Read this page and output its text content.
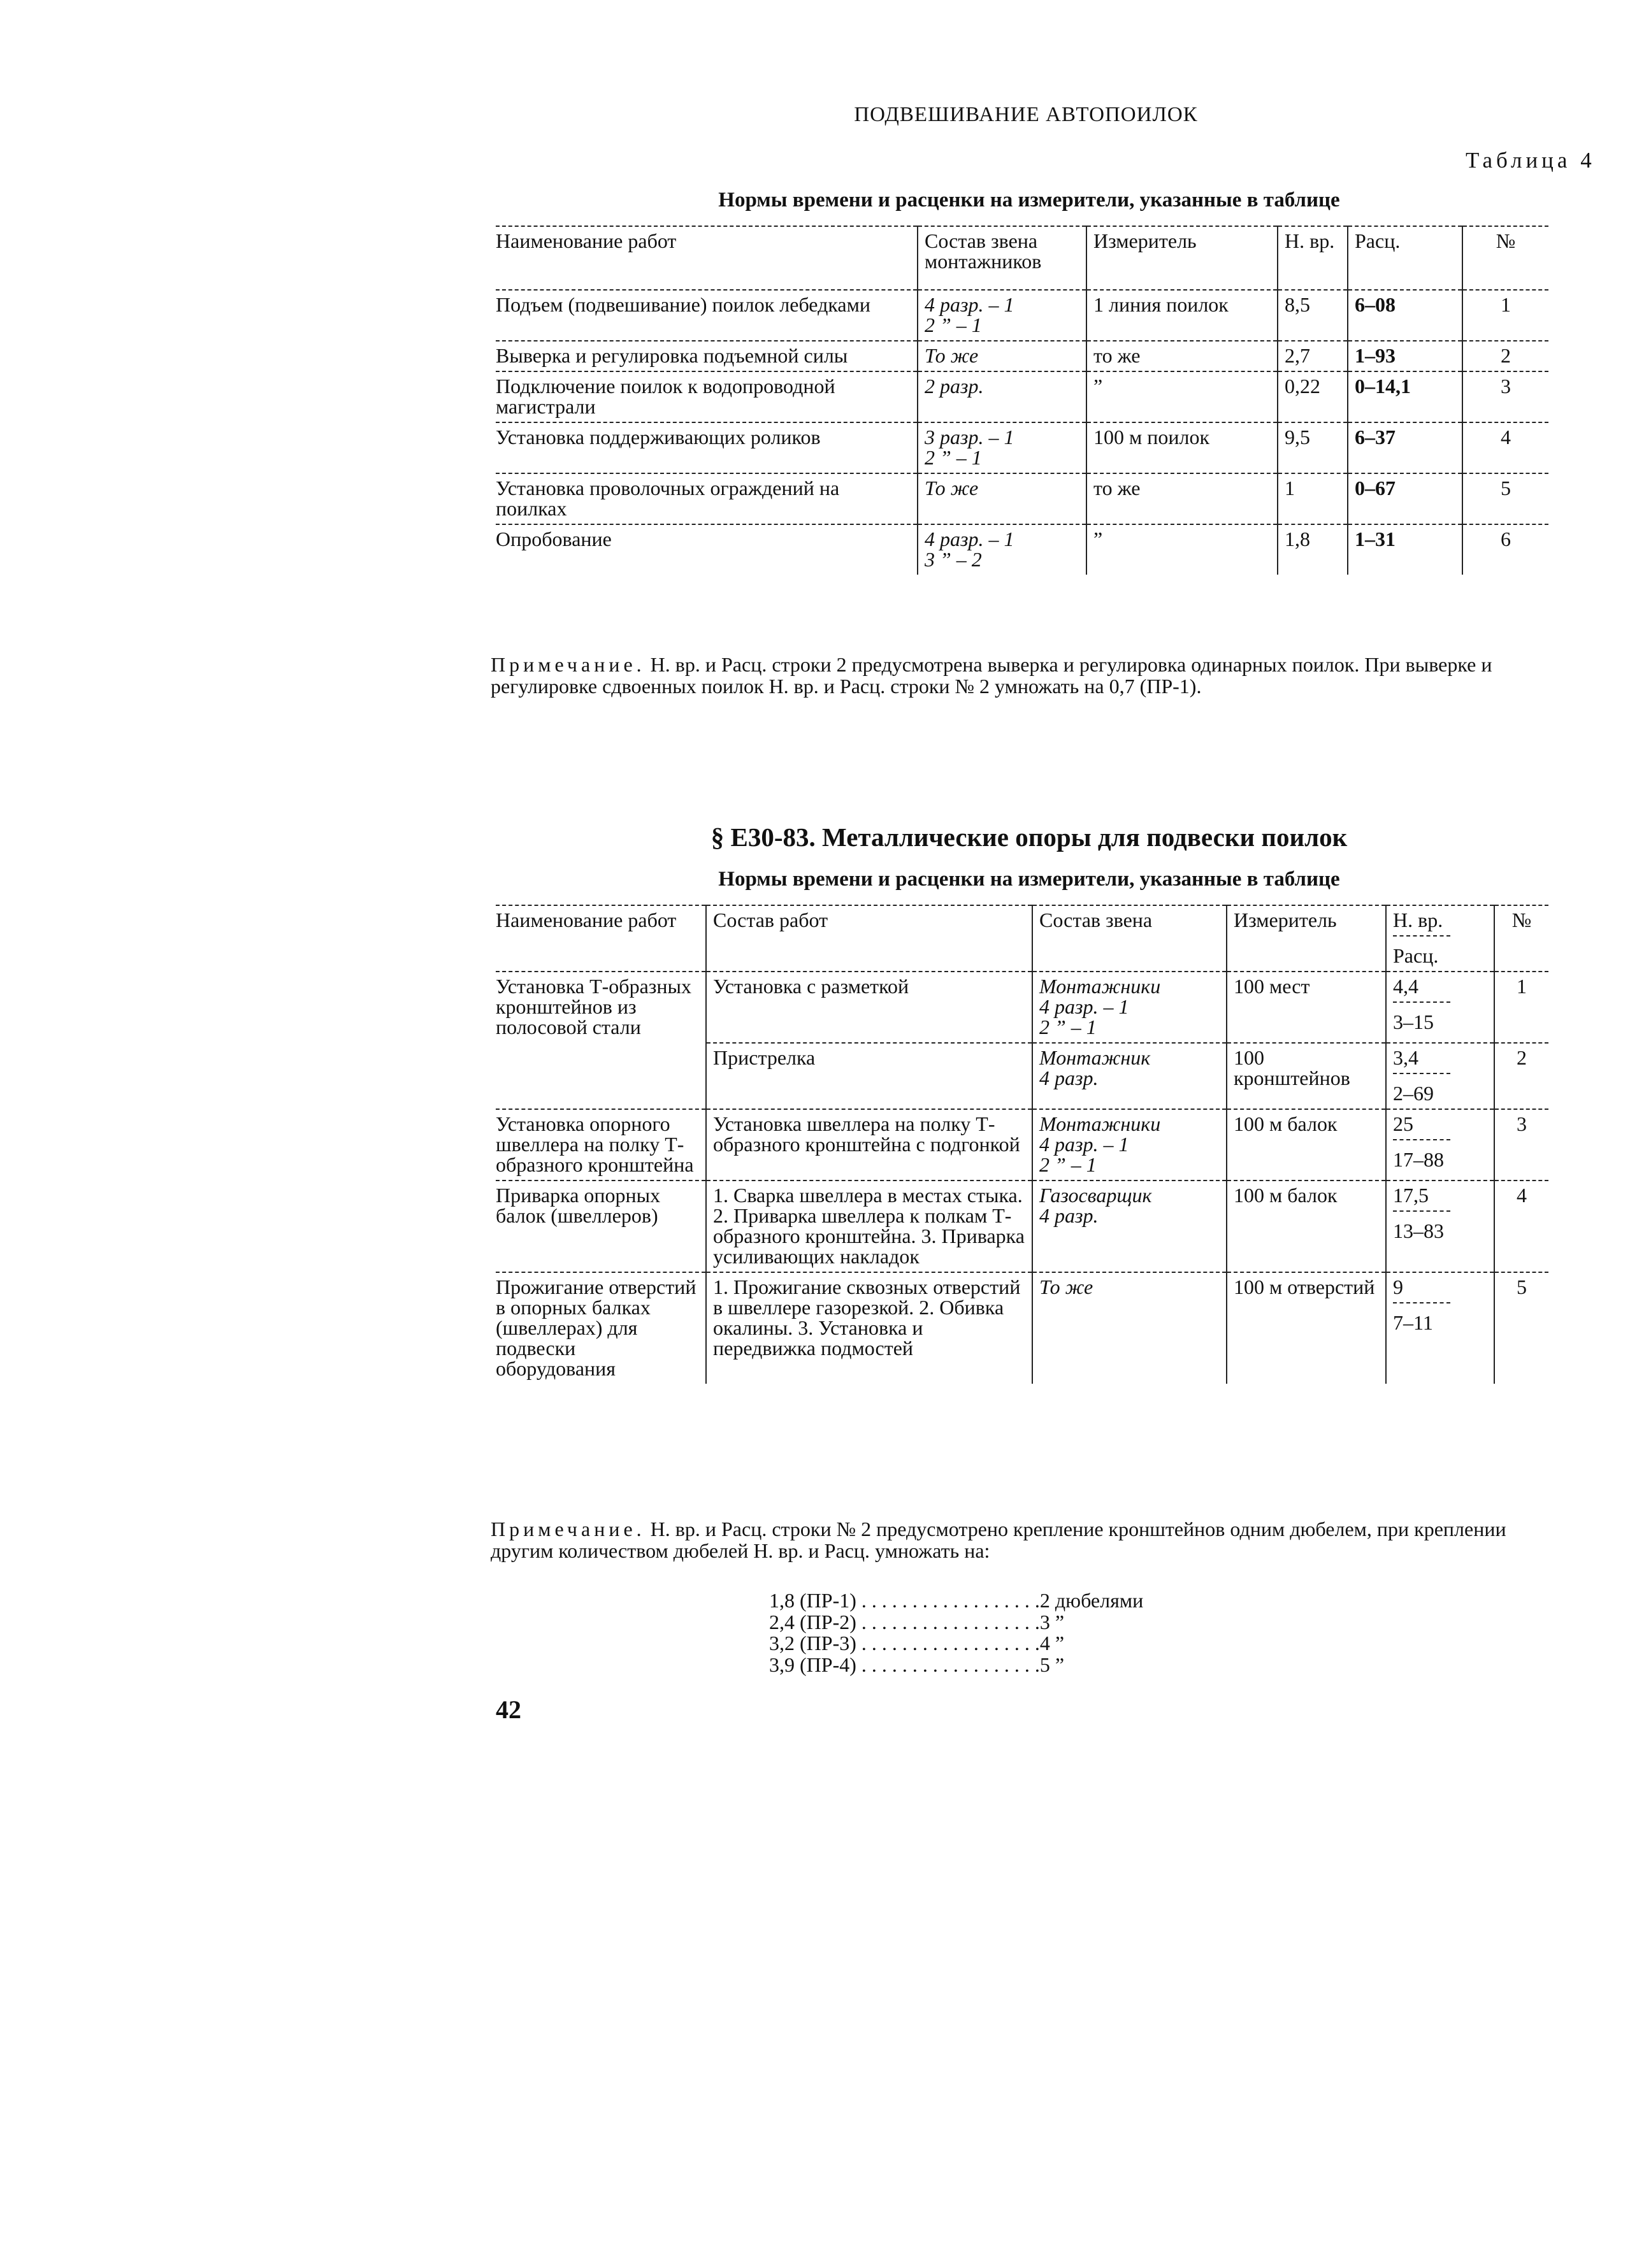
ПОДВЕШИВАНИЕ АВТОПОИЛОК
Таблица 4
Нормы времени и расценки на измерители, указанные в таблице
Наименование работ	Состав звена монтажников	Измеритель	Н. вр.	Расц.	№
Подъем (подвешивание) поилок лебедками	4 разр. – 1
2 ” – 1	1 линия поилок	8,5	6–08	1
Выверка и регулировка подъемной силы	То же	то же	2,7	1–93	2
Подключение поилок к водопроводной магистрали	2 разр.	”	0,22	0–14,1	3
Установка поддерживающих роликов	3 разр. – 1
2 ” – 1	100 м поилок	9,5	6–37	4
Установка проволочных ограждений на поилках	То же	то же	1	0–67	5
Опробование	4 разр. – 1
3 ” – 2	”	1,8	1–31	6
Примечание. Н. вр. и Расц. строки 2 предусмотрена выверка и регулировка одинарных поилок. При выверке и регулировке сдвоенных поилок Н. вр. и Расц. строки № 2 умножать на 0,7 (ПР-1).
§ Е30-83. Металлические опоры для подвески поилок
Нормы времени и расценки на измерители, указанные в таблице
Наименование работ	Состав работ	Состав звена	Измеритель	$\frac{Н. вр.}{\text{Расц.}}$	№
Установка Т-образных кронштейнов из полосовой стали	Установка с разметкой	Монтажники
4 разр. – 1
2 ” – 1	100 мест	$\frac{4,4}{3-15}$	1
	Пристрелка	Монтажник
4 разр.	100 кронштейнов	$\frac{3,4}{2-69}$	2
Установка опорного швеллера на полку Т-образного кронштейна	Установка швеллера на полку Т-образного кронштейна с подгонкой	Монтажники
4 разр. – 1
2 ” – 1	100 м балок	$\frac{25}{17-88}$	3
Приварка опорных балок (швеллеров)	1. Сварка швеллера в местах стыка. 2. Приварка швеллера к полкам Т-образного кронштейна. 3. Приварка усиливающих накладок	Газосварщик
4 разр.	100 м балок	$\frac{17,5}{13-83}$	4
Прожигание отверстий в опорных балках (швеллерах) для подвески оборудования	1. Прожигание сквозных отверстий в швеллере газорезкой. 2. Обивка окалины. 3. Установка и передвижка подмостей	То же	100 м отверстий	$\frac{9}{7-11}$	5
Примечание. Н. вр. и Расц. строки № 2 предусмотрено крепление кронштейнов одним дюбелем, при креплении другим количеством дюбелей Н. вр. и Расц. умножать на:
1,8 (ПР-1) . . . . . . . . . . . . . . . . . .2 дюбелями
2,4 (ПР-2) . . . . . . . . . . . . . . . . . .3 ”
3,2 (ПР-3) . . . . . . . . . . . . . . . . . .4 ”
3,9 (ПР-4) . . . . . . . . . . . . . . . . . .5 ”
42
